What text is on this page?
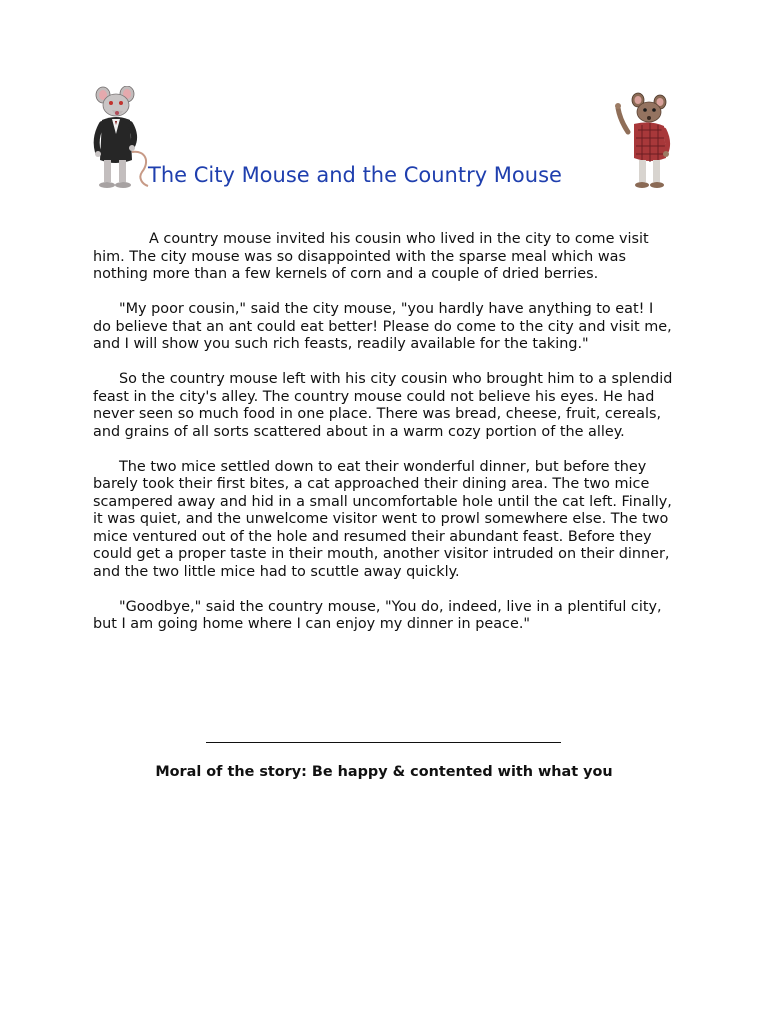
The City Mouse and the Country Mouse

A country mouse invited his cousin who lived in the city to come visit him. The city mouse was so disappointed with the sparse meal which was nothing more than a few kernels of corn and a couple of dried berries.

"My poor cousin," said the city mouse, "you hardly have anything to eat! I do believe that an ant could eat better! Please do come to the city and visit me, and I will show you such rich feasts, readily available for the taking."

So the country mouse left with his city cousin who brought him to a splendid feast in the city's alley. The country mouse could not believe his eyes. He had never seen so much food in one place. There was bread, cheese, fruit, cereals, and grains of all sorts scattered about in a warm cozy portion of the alley.

The two mice settled down to eat their wonderful dinner, but before they barely took their first bites, a cat approached their dining area. The two mice scampered away and hid in a small uncomfortable hole until the cat left. Finally, it was quiet, and the unwelcome visitor went to prowl somewhere else. The two mice ventured out of the hole and resumed their abundant feast. Before they could get a proper taste in their mouth, another visitor intruded on their dinner, and the two little mice had to scuttle away quickly.

"Goodbye," said the country mouse, "You do, indeed, live in a plentiful city, but I am going home where I can enjoy my dinner in peace."

Moral of the story: Be happy & contented with what you
